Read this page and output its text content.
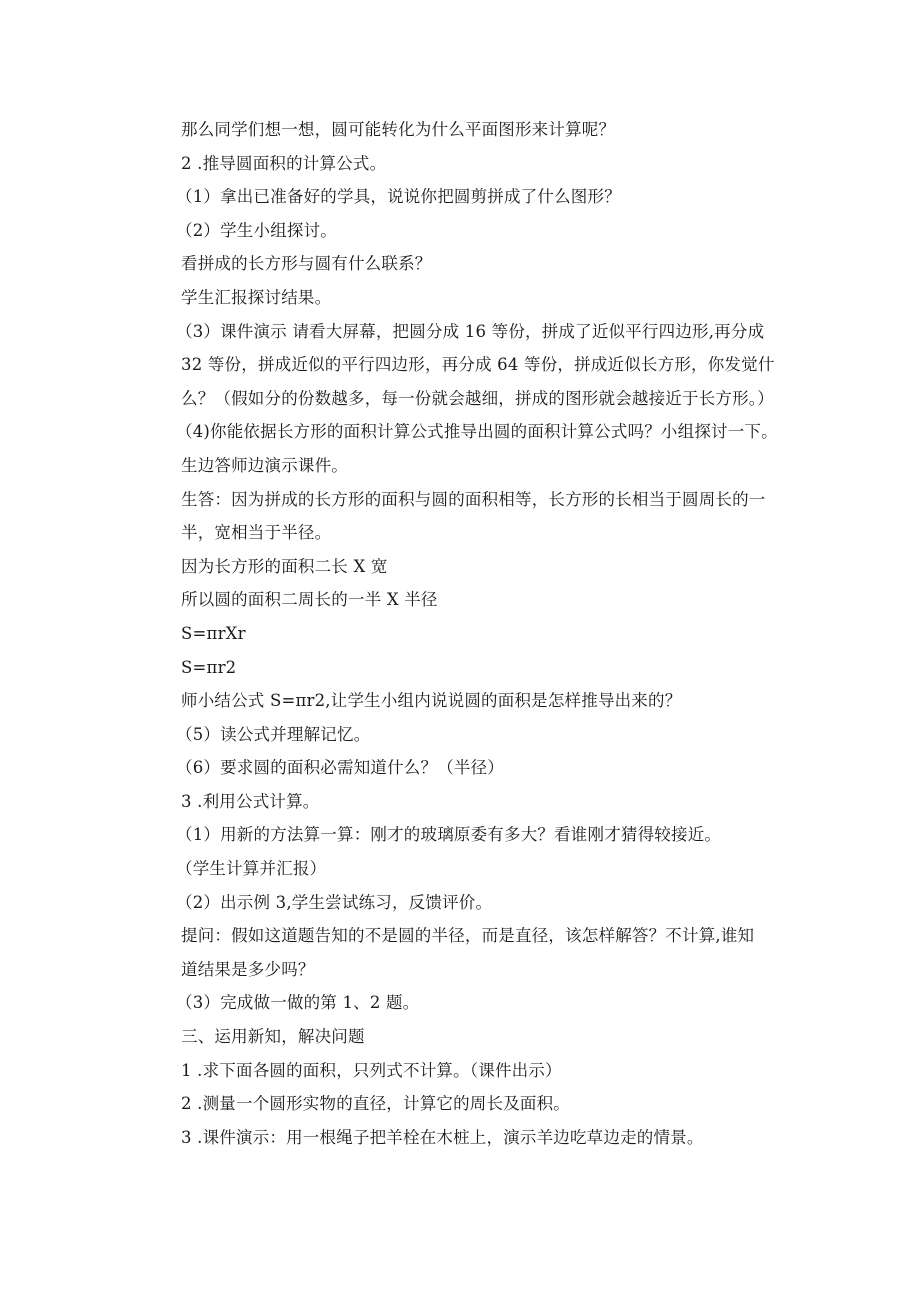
那么同学们想一想，圆可能转化为什么平面图形来计算呢？
2 .推导圆面积的计算公式。
（1）拿出已准备好的学具，说说你把圆剪拼成了什么图形？
（2）学生小组探讨。
看拼成的长方形与圆有什么联系？
学生汇报探讨结果。
（3）课件演示 请看大屏幕，把圆分成 16 等份，拼成了近似平行四边形,再分成
32 等份，拼成近似的平行四边形，再分成 64 等份，拼成近似长方形，你发觉什
么？（假如分的份数越多，每一份就会越细，拼成的图形就会越接近于长方形。）
（4)你能依据长方形的面积计算公式推导出圆的面积计算公式吗？小组探讨一下。
生边答师边演示课件。
生答：因为拼成的长方形的面积与圆的面积相等，长方形的长相当于圆周长的一
半，宽相当于半径。
因为长方形的面积二长 X 宽
所以圆的面积二周长的一半 X 半径
S=πrXr
S=πr2
师小结公式 S=πr2,让学生小组内说说圆的面积是怎样推导出来的？
（5）读公式并理解记忆。
（6）要求圆的面积必需知道什么？（半径）
3 .利用公式计算。
（1）用新的方法算一算：刚才的玻璃原委有多大？看谁刚才猜得较接近。
（学生计算并汇报）
（2）出示例 3,学生尝试练习，反馈评价。
提问：假如这道题告知的不是圆的半径，而是直径，该怎样解答？不计算,谁知
道结果是多少吗？
（3）完成做一做的第 1、2 题。
三、运用新知，解决问题
1 .求下面各圆的面积，只列式不计算。（课件出示）
2 .测量一个圆形实物的直径，计算它的周长及面积。
3 .课件演示：用一根绳子把羊栓在木桩上，演示羊边吃草边走的情景。
